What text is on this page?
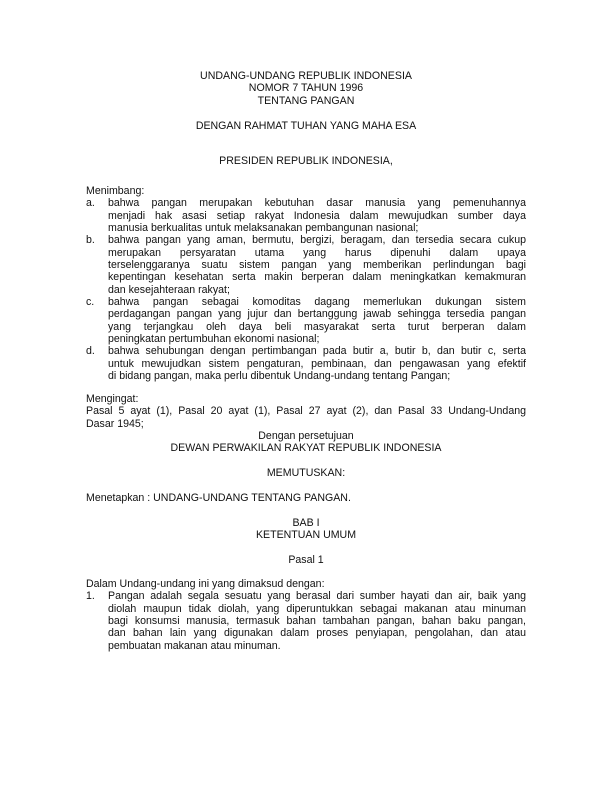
UNDANG-UNDANG REPUBLIK INDONESIA
NOMOR 7 TAHUN 1996
TENTANG PANGAN
DENGAN RAHMAT TUHAN YANG MAHA ESA
PRESIDEN REPUBLIK INDONESIA,
Menimbang:
a. bahwa pangan merupakan kebutuhan dasar manusia yang pemenuhannya
menjadi hak asasi setiap rakyat Indonesia dalam mewujudkan sumber daya
manusia berkualitas untuk melaksanakan pembangunan nasional;
b. bahwa pangan yang aman, bermutu, bergizi, beragam, dan tersedia secara cukup
merupakan persyaratan utama yang harus dipenuhi dalam upaya
terselenggaranya suatu sistem pangan yang memberikan perlindungan bagi
kepentingan kesehatan serta makin berperan dalam meningkatkan kemakmuran
dan kesejahteraan rakyat;
c. bahwa pangan sebagai komoditas dagang memerlukan dukungan sistem
perdagangan pangan yang jujur dan bertanggung jawab sehingga tersedia pangan
yang terjangkau oleh daya beli masyarakat serta turut berperan dalam
peningkatan pertumbuhan ekonomi nasional;
d. bahwa sehubungan dengan pertimbangan pada butir a, butir b, dan butir c, serta
untuk mewujudkan sistem pengaturan, pembinaan, dan pengawasan yang efektif
di bidang pangan, maka perlu dibentuk Undang-undang tentang Pangan;
Mengingat:
Pasal 5 ayat (1), Pasal 20 ayat (1), Pasal 27 ayat (2), dan Pasal 33 Undang-Undang
Dasar 1945;
Dengan persetujuan
DEWAN PERWAKILAN RAKYAT REPUBLIK INDONESIA
MEMUTUSKAN:
Menetapkan : UNDANG-UNDANG TENTANG PANGAN.
BAB I
KETENTUAN UMUM
Pasal 1
Dalam Undang-undang ini yang dimaksud dengan:
1. Pangan adalah segala sesuatu yang berasal dari sumber hayati dan air, baik yang
diolah maupun tidak diolah, yang diperuntukkan sebagai makanan atau minuman
bagi konsumsi manusia, termasuk bahan tambahan pangan, bahan baku pangan,
dan bahan lain yang digunakan dalam proses penyiapan, pengolahan, dan atau
pembuatan makanan atau minuman.
